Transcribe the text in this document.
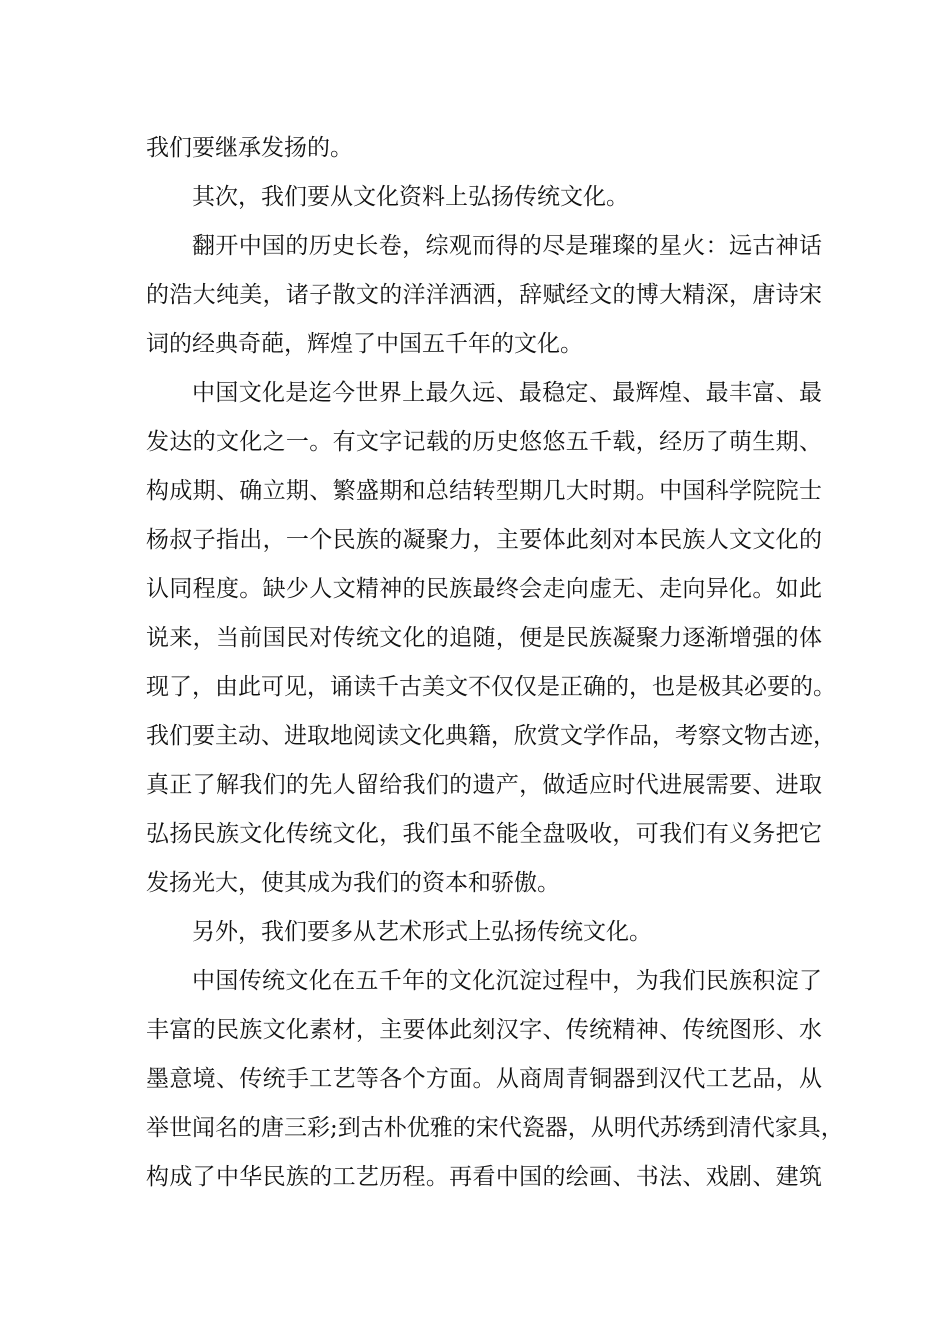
我们要继承发扬的。
其次，我们要从文化资料上弘扬传统文化。
翻开中国的历史长卷，综观而得的尽是璀璨的星火：远古神话
的浩大纯美，诸子散文的洋洋洒洒，辞赋经文的博大精深，唐诗宋
词的经典奇葩，辉煌了中国五千年的文化。
中国文化是迄今世界上最久远、最稳定、最辉煌、最丰富、最
发达的文化之一。有文字记载的历史悠悠五千载，经历了萌生期、
构成期、确立期、繁盛期和总结转型期几大时期。中国科学院院士
杨叔子指出，一个民族的凝聚力，主要体此刻对本民族人文文化的
认同程度。缺少人文精神的民族最终会走向虚无、走向异化。如此
说来，当前国民对传统文化的追随，便是民族凝聚力逐渐增强的体
现了，由此可见，诵读千古美文不仅仅是正确的，也是极其必要的。
我们要主动、进取地阅读文化典籍，欣赏文学作品，考察文物古迹，
真正了解我们的先人留给我们的遗产，做适应时代进展需要、进取
弘扬民族文化传统文化，我们虽不能全盘吸收，可我们有义务把它
发扬光大，使其成为我们的资本和骄傲。
另外，我们要多从艺术形式上弘扬传统文化。
中国传统文化在五千年的文化沉淀过程中，为我们民族积淀了
丰富的民族文化素材，主要体此刻汉字、传统精神、传统图形、水
墨意境、传统手工艺等各个方面。从商周青铜器到汉代工艺品，从
举世闻名的唐三彩;到古朴优雅的宋代瓷器，从明代苏绣到清代家具，
构成了中华民族的工艺历程。再看中国的绘画、书法、戏剧、建筑
